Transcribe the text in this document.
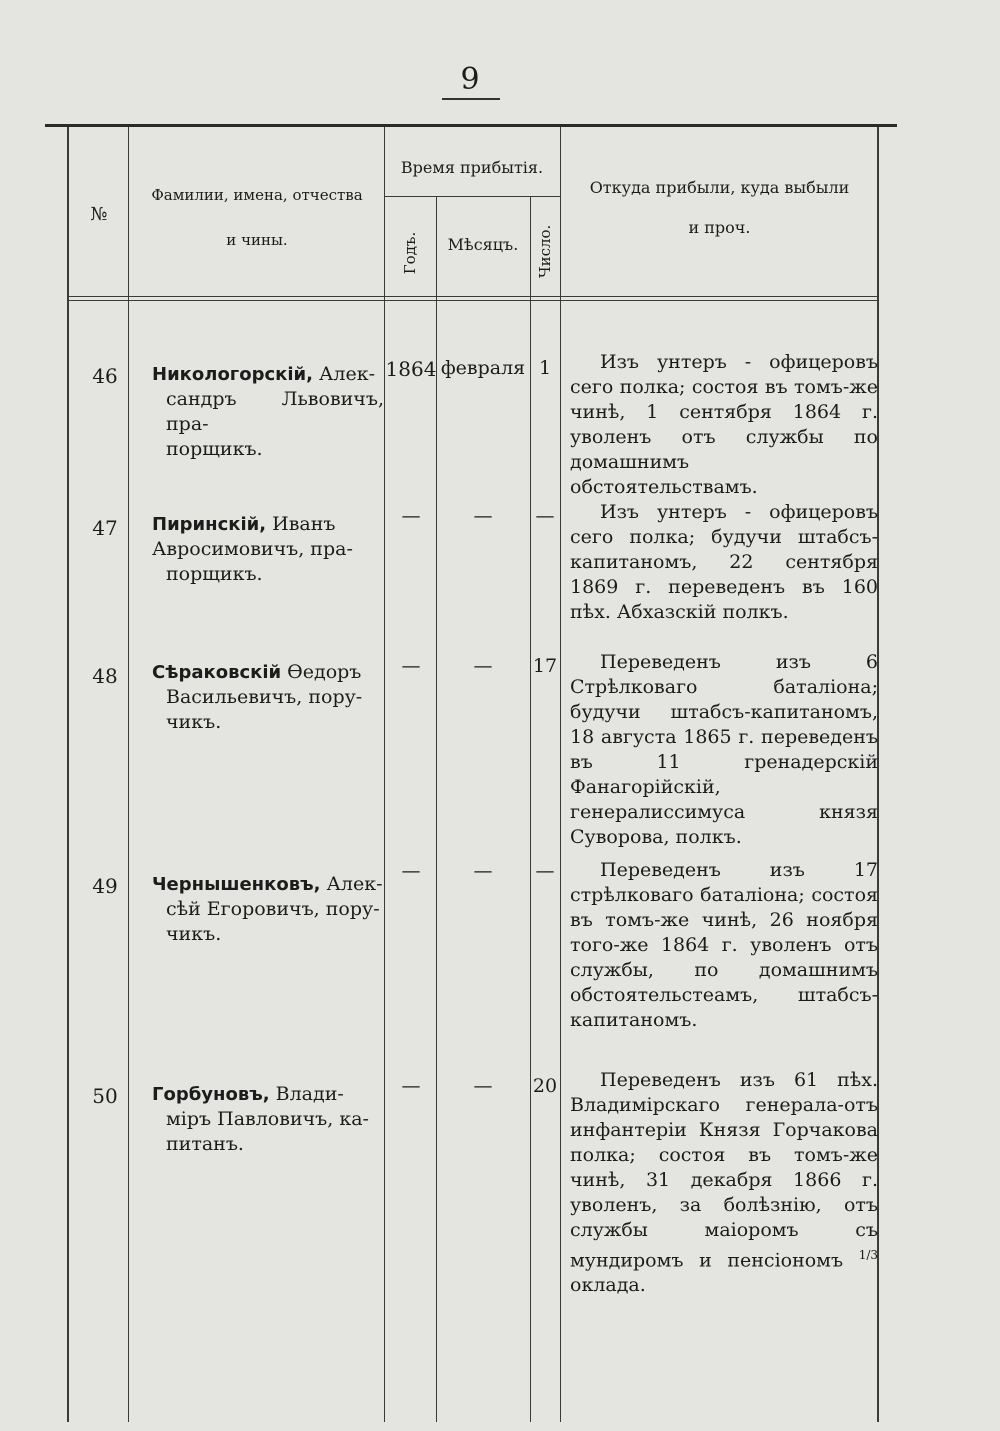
9
№
Фамилии, имена, отчества
и чины.
Время прибытія.
Годъ.	Мѣсяцъ.	Число.
Откуда прибыли, куда выбыли
и проч.
46	Никологорскій, Алек-
сандръ Львовичъ, пра-
порщикъ.
1864 февраля 1	Изъ унтеръ - офицеровъ сего полка; состоя въ томъ-же чинѣ, 1 сентября 1864 г. уволенъ отъ службы по домашнимъ обстоятельствамъ.
47	Пиринскій, Иванъ
Авросимовичъ, пра-
порщикъ.
—	—	—	Изъ унтеръ - офицеровъ сего полка; будучи штабсъ-капитаномъ, 22 сентября 1869 г. переведенъ въ 160 пѣх. Абхазскій полкъ.
48	Сѣраковскій Ѳедоръ
Васильевичъ, пору-
чикъ.
—	—	17	Переведенъ изъ 6 Стрѣлковаго баталіона; будучи штабсъ-капитаномъ, 18 августа 1865 г. переведенъ въ 11 гренадерскій Фанагорійскій, генералиссимуса князя Суворова, полкъ.
49	Чернышенковъ, Алек-
сѣй Егоровичъ, пору-
чикъ.
—	—	—	Переведенъ изъ 17 стрѣлковаго баталіона; состоя въ томъ-же чинѣ, 26 ноября того-же 1864 г. уволенъ отъ службы, по домашнимъ обстоятельстеамъ, штабсъ-капитаномъ.
50	Горбуновъ, Влади-
міръ Павловичъ, ка-
питанъ.
—	—	20	Переведенъ изъ 61 пѣх. Владимірскаго генерала-отъ инфантеріи Князя Горчакова полка; состоя въ томъ-же чинѣ, 31 декабря 1866 г. уволенъ, за болѣзнію, отъ службы маіоромъ съ мундиромъ и пенсіономъ $^{1/3}$ оклада.
